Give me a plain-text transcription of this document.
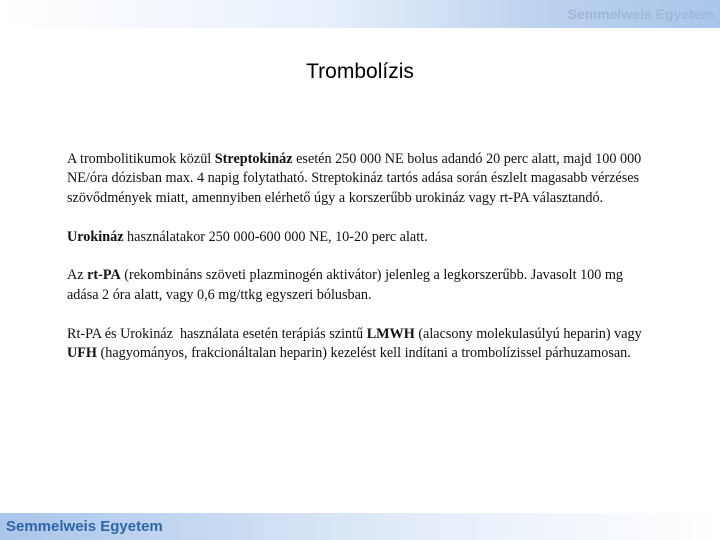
Semmelweis Egyetem
Trombolízis

A trombolitikumok közül Streptokináz esetén 250 000 NE bolus adandó 20 perc alatt, majd 100 000 NE/óra dózisban max. 4 napig folytatható. Streptokináz tartós adása során észlelt magasabb vérzéses szövődmények miatt, amennyiben elérhető úgy a korszerűbb urokináz vagy rt-PA választandó.

Urokináz használatakor 250 000-600 000 NE, 10-20 perc alatt.

Az rt-PA (rekombináns szöveti plazminogén aktivátor) jelenleg a legkorszerűbb. Javasolt 100 mg adása 2 óra alatt, vagy 0,6 mg/ttkg egyszeri bólusban.

Rt-PA és Urokináz  használata esetén terápiás szintű LMWH (alacsony molekulasúlyú heparin) vagy UFH (hagyományos, frakcionáltalan heparin) kezelést kell indítani a trombolízissel párhuzamosan.

Semmelweis Egyetem
